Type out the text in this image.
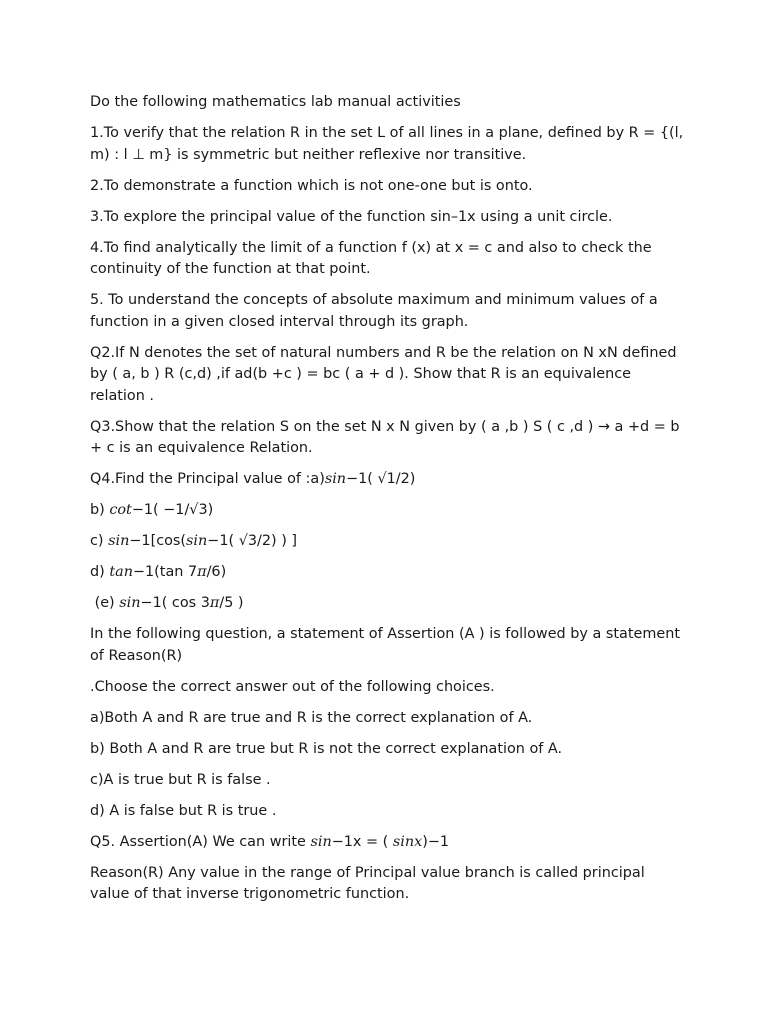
Do the following mathematics lab manual activities

1.To verify that the relation R in the set L of all lines in a plane, defined by R = {(l, m) : l ⊥ m} is symmetric but neither reflexive nor transitive.

2.To demonstrate a function which is not one-one but is onto.

3.To explore the principal value of the function sin–1x using a unit circle.

4.To find analytically the limit of a function f (x) at x = c and also to check the continuity of the function at that point.

5. To understand the concepts of absolute maximum and minimum values of a function in a given closed interval through its graph.

Q2.If N denotes the set of natural numbers and R be the relation on N xN defined by ( a, b ) R (c,d) ,if ad(b +c ) = bc ( a + d ). Show that R is an equivalence relation .

Q3.Show that the relation S on the set N x N given by ( a ,b ) S ( c ,d ) → a +d = b + c is an equivalence Relation.

Q4.Find the Principal value of :a)sin−1( √1/2)

b) cot−1( −1/√3)

c) sin−1[cos(sin−1( √3/2) ) ]

d) tan−1(tan 7π/6)

(e) sin−1( cos 3π/5 )

In the following question, a statement of Assertion (A ) is followed by a statement of Reason(R)

.Choose the correct answer out of the following choices.

a)Both A and R are true and R is the correct explanation of A.

b) Both A and R are true but R is not the correct explanation of A.

c)A is true but R is false .

d) A is false but R is true .

Q5. Assertion(A) We can write sin−1x = ( sinx)−1

Reason(R) Any value in the range of Principal value branch is called principal value of that inverse trigonometric function.
